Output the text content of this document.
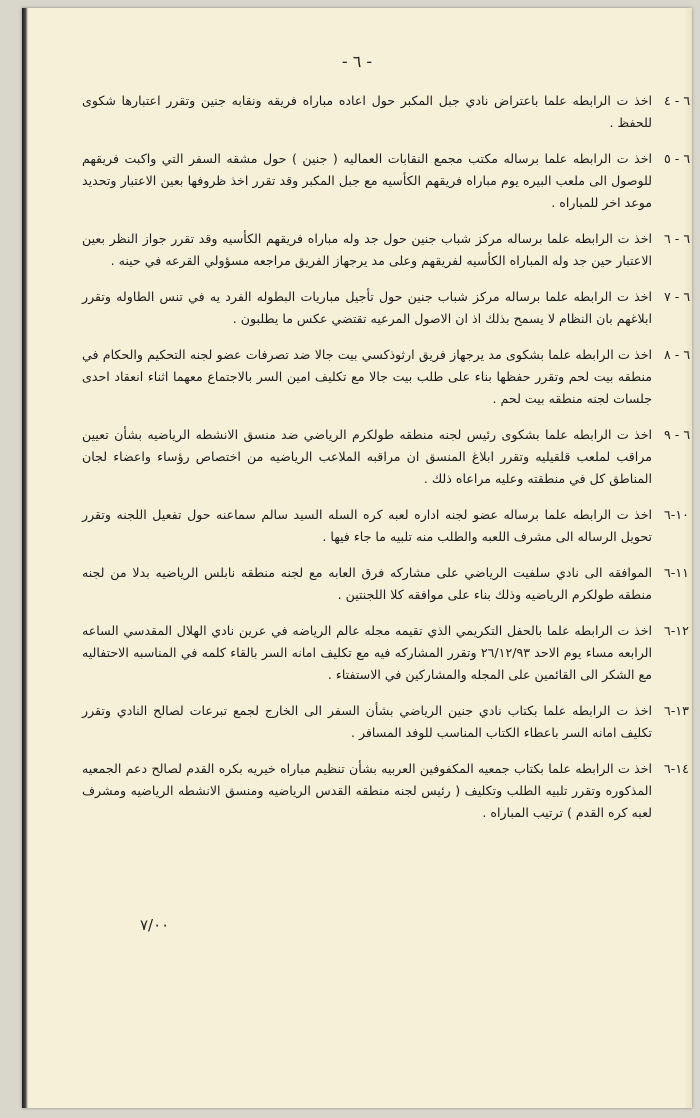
- ٦ -
٦ - ٤
اخذ ت الرابطه علما باعتراض نادي جبل المكبر حول اعاده مباراه فريقه ونقابه جنين وتقرر اعتبارها شكوى للحفظ .
٦ - ٥
اخذ ت الرابطه علما برساله مكتب مجمع النقابات العماليه ( جنين ) حول مشقه السفر التي واكبت فريقهم للوصول الى ملعب البيره يوم مباراه فريقهم الكأسيه مع جبل المكبر وقد تقرر اخذ ظروفها بعين الاعتبار وتحديد موعد اخر للمباراه .
٦ - ٦
اخذ ت الرابطه علما برساله مركز شباب جنين حول جد وله مباراه فريقهم الكأسيه وقد تقرر جواز النظر بعين الاعتبار حين جد وله المباراه الكأسيه لفريقهم وعلى مد يرجهاز الفريق مراجعه مسؤولي القرعه في حينه .
٦ - ٧
اخذ ت الرابطه علما برساله مركز شباب جنين حول تأجيل مباريات البطوله الفرد يه في تنس الطاوله وتقرر ابلاغهم بان النظام لا يسمح بذلك اذ ان الاصول المرعيه تقتضي عكس ما يطلبون .
٦ - ٨
اخذ ت الرابطه علما بشكوى مد يرجهاز فريق ارثوذكسي بيت جالا ضد تصرفات عضو لجنه التحكيم والحكام في منطقه بيت لحم وتقرر حفظها بناء على طلب بيت جالا مع تكليف امين السر بالاجتماع معهما اثناء انعقاد احدى جلسات لجنه منطقه بيت لحم .
٦ - ٩
اخذ ت الرابطه علما بشكوى رئيس لجنه منطقه طولكرم الرياضي ضد منسق الانشطه الرياضيه بشأن تعيين مراقب لملعب قلقيليه وتقرر ابلاغ المنسق ان مراقبه الملاعب الرياضيه من اختصاص رؤساء واعضاء لجان المناطق كل في منطقته وعليه مراعاه ذلك .
١٠-٦
اخذ ت الرابطه علما برساله عضو لجنه اداره لعبه كره السله السيد سالم سماعنه حول تفعيل اللجنه وتقرر تحويل الرساله الى مشرف اللعبه والطلب منه تلبيه ما جاء فيها .
١١-٦
الموافقه الى نادي سلفيت الرياضي على مشاركه فرق العابه مع لجنه منطقه نابلس الرياضيه بدلا من لجنه منطقه طولكرم الرياضيه وذلك بناء على موافقه كلا اللجنتين .
١٢-٦
اخذ ت الرابطه علما بالحفل التكريمي الذي تقيمه مجله عالم الرياضه في عرين نادي الهلال المقدسي الساعه الرابعه مساء يوم الاحد ٢٦/١٢/٩٣ وتقرر المشاركه فيه مع تكليف امانه السر بالقاء كلمه في المناسبه الاحتفاليه مع الشكر الى القائمين على المجله والمشاركين في الاستفتاء .
١٣-٦
اخذ ت الرابطه علما بكتاب نادي جنين الرياضي بشأن السفر الى الخارج لجمع تبرعات لصالح النادي وتقرر تكليف امانه السر باعطاء الكتاب المناسب للوفد المسافر .
١٤-٦
اخذ ت الرابطه علما بكتاب جمعيه المكفوفين العربيه بشأن تنظيم مباراه خيريه بكره القدم لصالح دعم الجمعيه المذكوره وتقرر تلبيه الطلب وتكليف ( رئيس لجنه منطقه القدس الرياضيه ومنسق الانشطه الرياضيه ومشرف لعبه كره القدم ) ترتيب المباراه .
٧/٠٠
